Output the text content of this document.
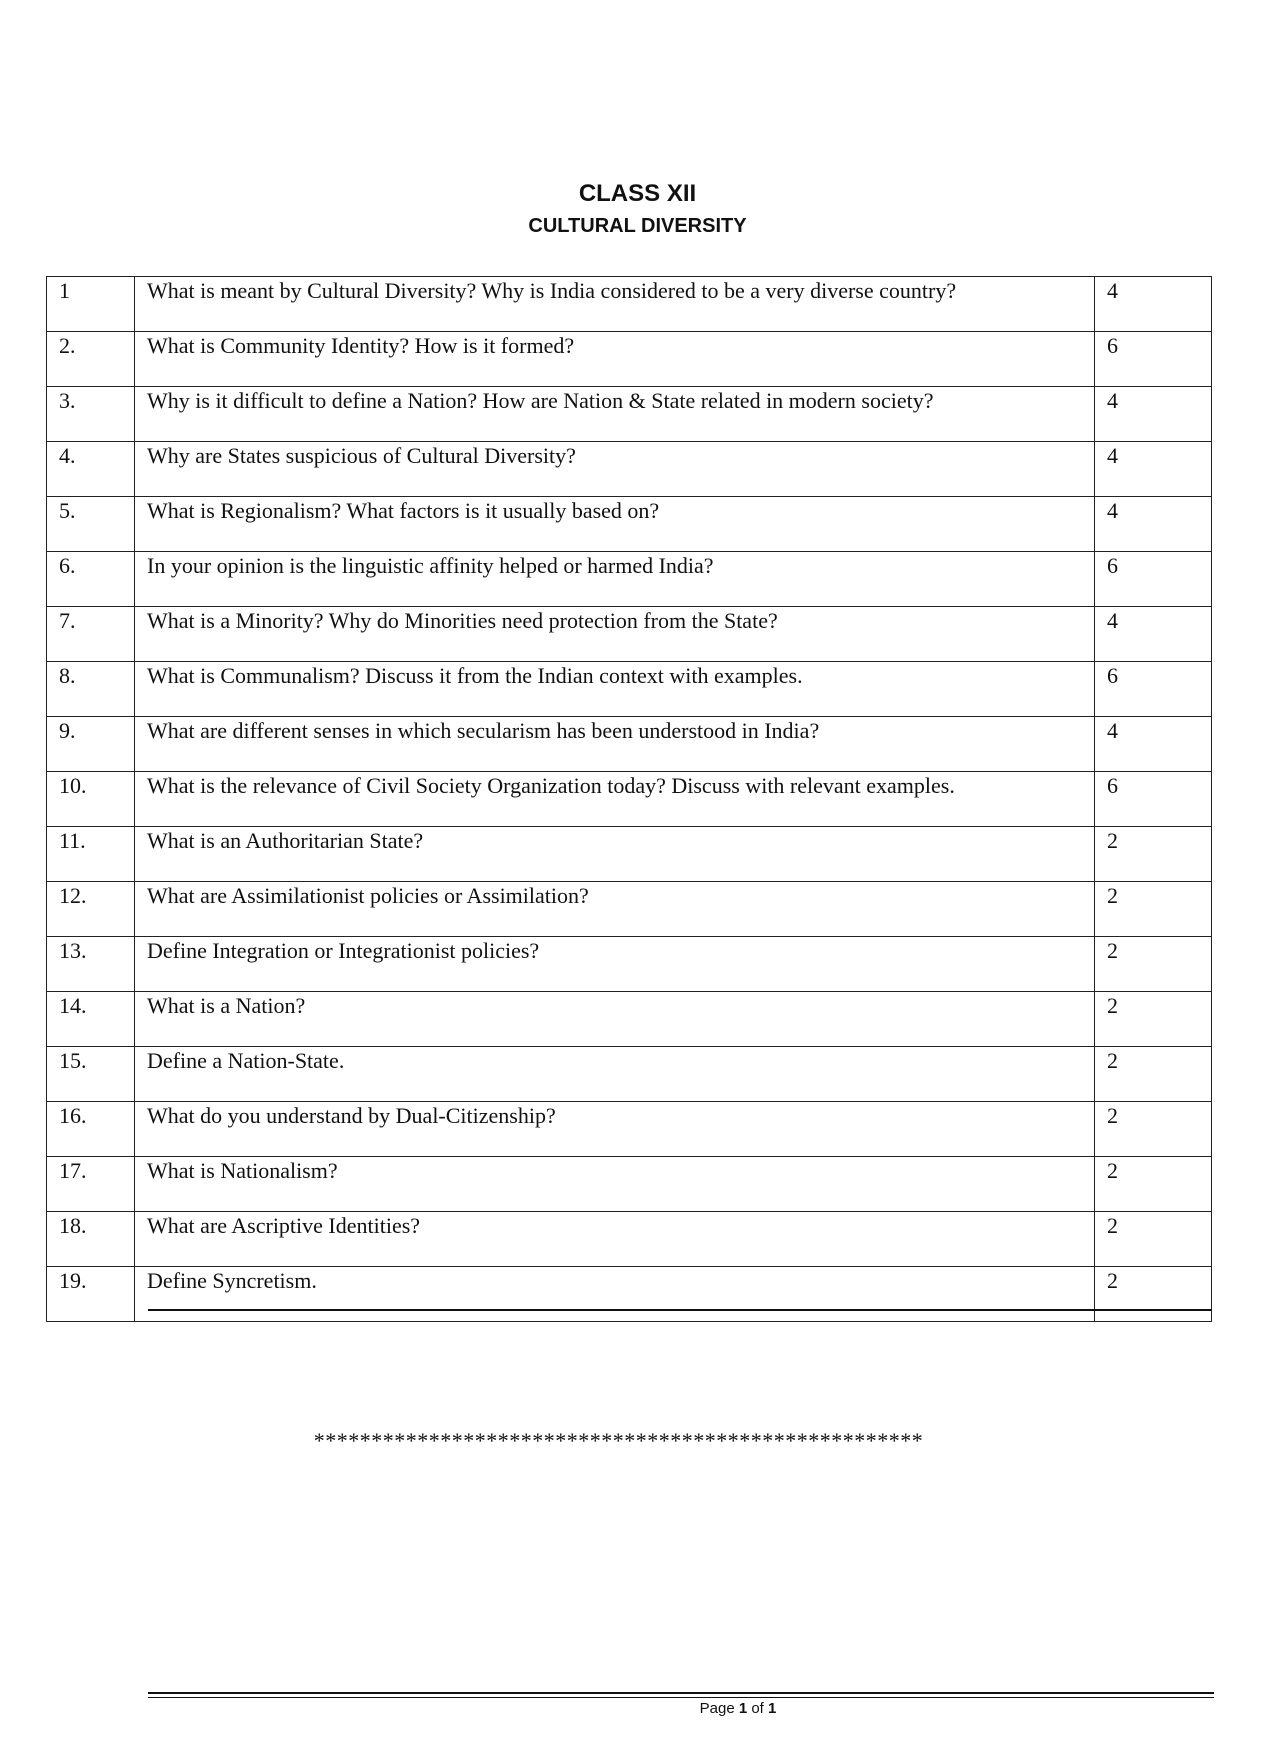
CLASS XII
CULTURAL DIVERSITY
1	What is meant by Cultural Diversity? Why is India considered to be a very diverse country?	4
2.	What is Community Identity? How is it formed?	6
3.	Why is it difficult to define a Nation? How are Nation & State related in modern society?	4
4.	Why are States suspicious of Cultural Diversity?	4
5.	What is Regionalism? What factors is it usually based on?	4
6.	In your opinion is the linguistic affinity helped or harmed India?	6
7.	What is a Minority? Why do Minorities need protection from the State?	4
8.	What is Communalism? Discuss it from the Indian context with examples.	6
9.	What are different senses in which secularism has been understood in India?	4
10.	What is the relevance of Civil Society Organization today? Discuss with relevant examples.	6
11.	What is an Authoritarian State?	2
12.	What are Assimilationist policies or Assimilation?	2
13.	Define Integration or Integrationist policies?	2
14.	What is a Nation?	2
15.	Define a Nation-State.	2
16.	What do you understand by Dual-Citizenship?	2
17.	What is Nationalism?	2
18.	What are Ascriptive Identities?	2
19.	Define Syncretism.	2
*****************************************************
Page 1 of 1
